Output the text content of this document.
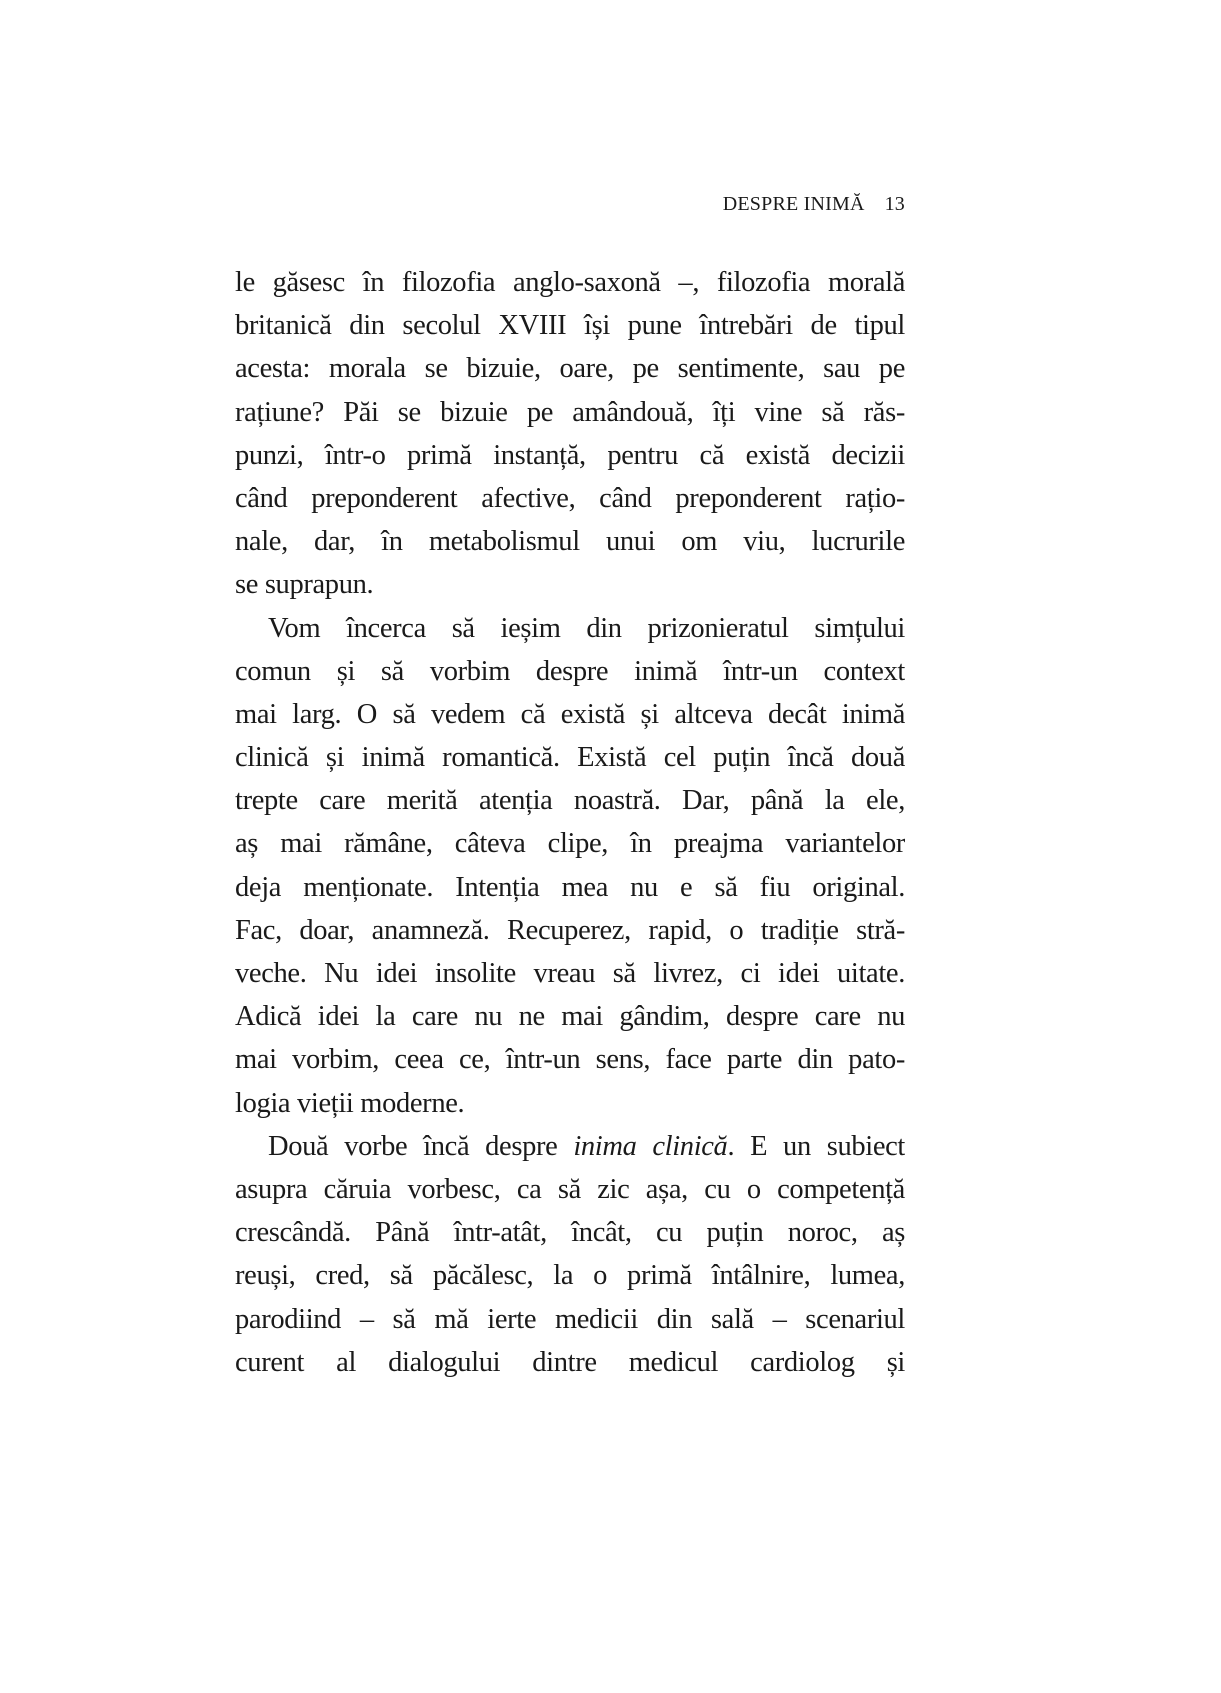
DESPRE INIMĂ 13
le găsesc în filozofia anglo-saxonă –, filozofia morală
britanică din secolul XVIII își pune întrebări de tipul
acesta: morala se bizuie, oare, pe sentimente, sau pe
rațiune? Păi se bizuie pe amândouă, îți vine să răs-
punzi, într-o primă instanță, pentru că există decizii
când preponderent afective, când preponderent rațio-
nale, dar, în metabolismul unui om viu, lucrurile
se suprapun.
Vom încerca să ieșim din prizonieratul simțului
comun și să vorbim despre inimă într-un context
mai larg. O să vedem că există și altceva decât inimă
clinică și inimă romantică. Există cel puțin încă două
trepte care merită atenția noastră. Dar, până la ele,
aș mai rămâne, câteva clipe, în preajma variantelor
deja menționate. Intenția mea nu e să fiu original.
Fac, doar, anamneză. Recuperez, rapid, o tradiție stră-
veche. Nu idei insolite vreau să livrez, ci idei uitate.
Adică idei la care nu ne mai gândim, despre care nu
mai vorbim, ceea ce, într-un sens, face parte din pato-
logia vieții moderne.
Două vorbe încă despre inima clinică. E un subiect
asupra căruia vorbesc, ca să zic așa, cu o competență
crescândă. Până într-atât, încât, cu puțin noroc, aș
reuși, cred, să păcălesc, la o primă întâlnire, lumea,
parodiind – să mă ierte medicii din sală – scenariul
curent al dialogului dintre medicul cardiolog și
